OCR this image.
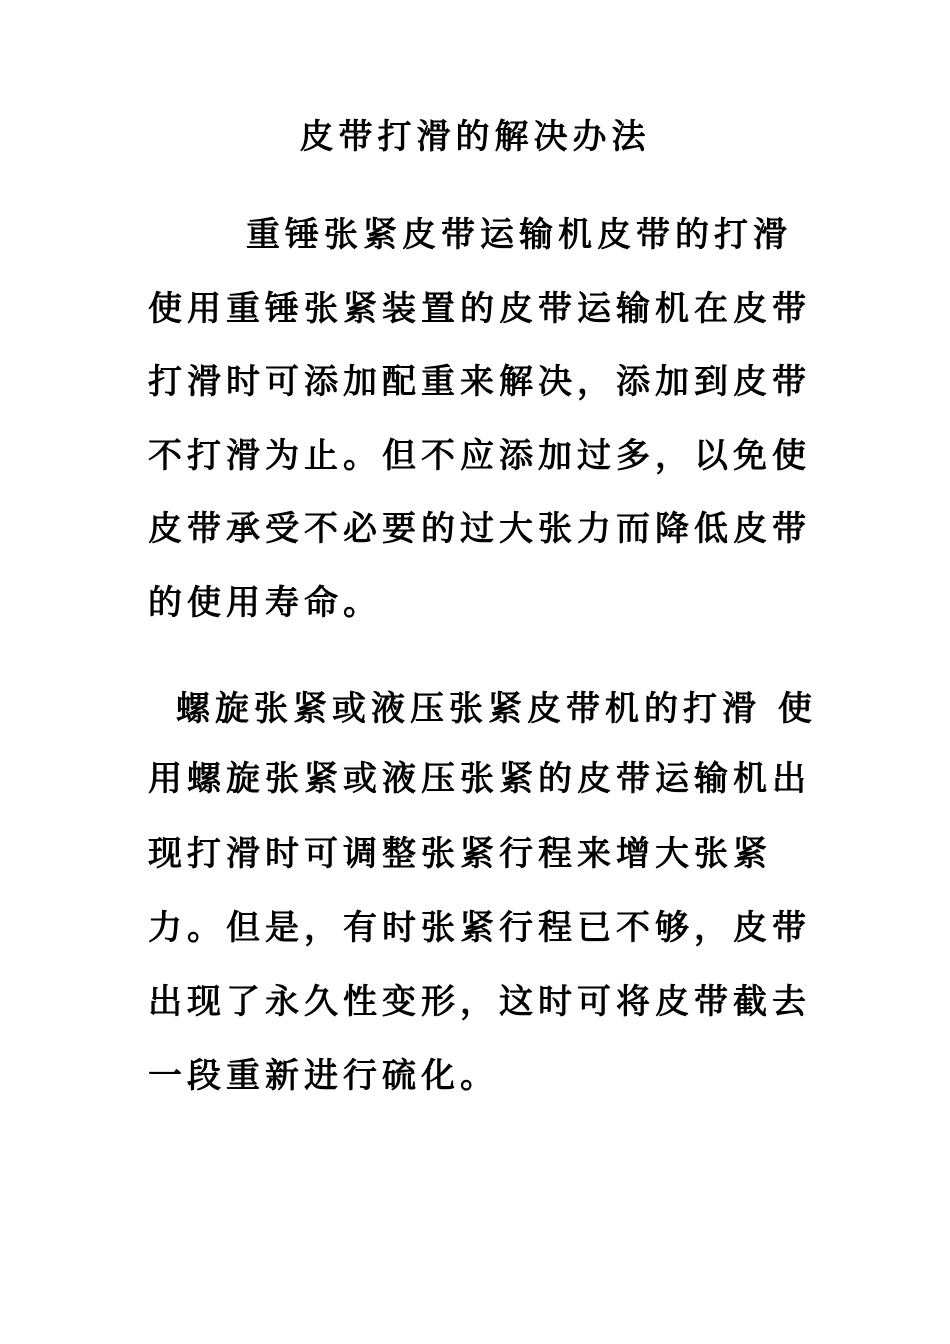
皮带打滑的解决办法
重锤张紧皮带运输机皮带的打滑
使用重锤张紧装置的皮带运输机在皮带
打滑时可添加配重来解决，添加到皮带
不打滑为止。但不应添加过多，以免使
皮带承受不必要的过大张力而降低皮带
的使用寿命。
螺旋张紧或液压张紧皮带机的打滑 使
用螺旋张紧或液压张紧的皮带运输机出
现打滑时可调整张紧行程来增大张紧
力。但是，有时张紧行程已不够，皮带
出现了永久性变形，这时可将皮带截去
一段重新进行硫化。
